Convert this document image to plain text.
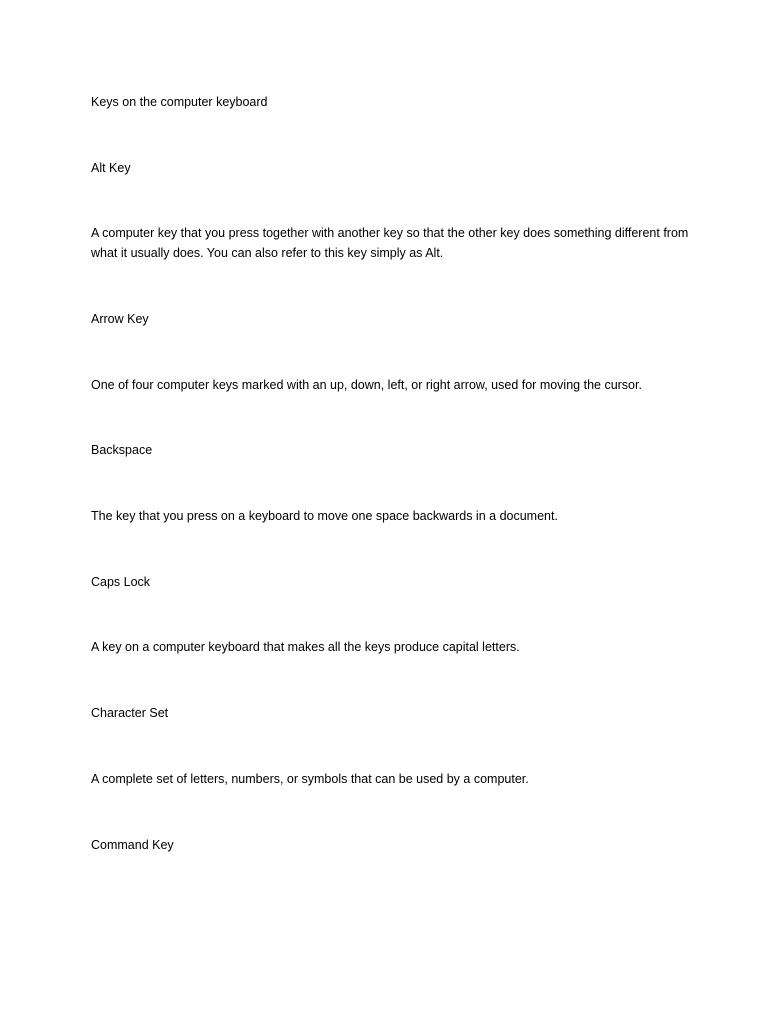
Keys on the computer keyboard
Alt Key
A computer key that you press together with another key so that the other key does something different from what it usually does. You can also refer to this key simply as Alt.
Arrow Key
One of four computer keys marked with an up, down, left, or right arrow, used for moving the cursor.
Backspace
The key that you press on a keyboard to move one space backwards in a document.
Caps Lock
A key on a computer keyboard that makes all the keys produce capital letters.
Character Set
A complete set of letters, numbers, or symbols that can be used by a computer.
Command Key
